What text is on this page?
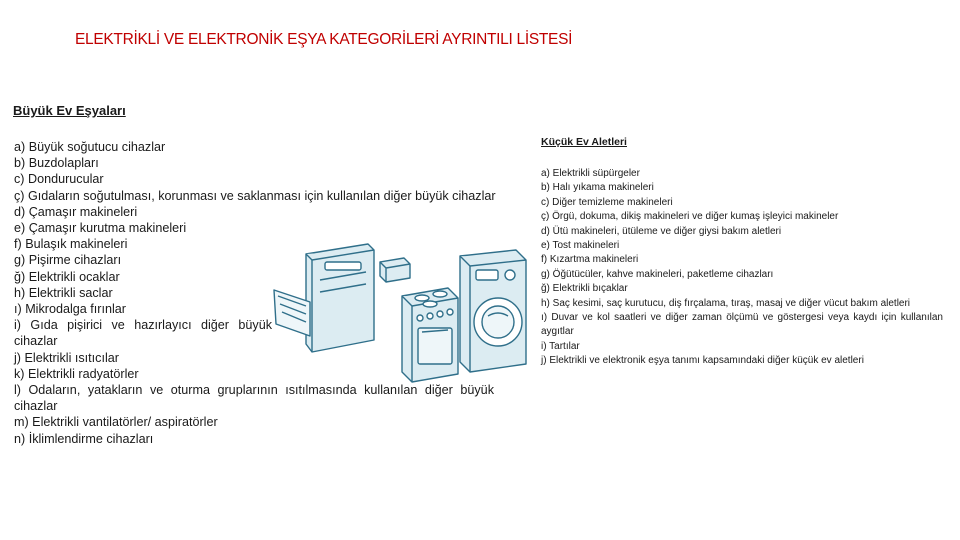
ELEKTRİKLİ VE ELEKTRONİK EŞYA KATEGORİLERİ AYRINTILI LİSTESİ
Büyük Ev Eşyaları
a) Büyük soğutucu cihazlar
b) Buzdolapları
c) Dondurucular
ç) Gıdaların soğutulması, korunması ve saklanması için kullanılan diğer büyük cihazlar
d) Çamaşır makineleri
e) Çamaşır kurutma makineleri
f) Bulaşık makineleri
g) Pişirme cihazları
ğ) Elektrikli ocaklar
h) Elektrikli saclar
ı) Mikrodalga fırınlar
i) Gıda pişirici ve hazırlayıcı diğer büyük cihazlar
j) Elektrikli ısıtıcılar
k) Elektrikli radyatörler
l) Odaların, yatakların ve oturma gruplarının ısıtılmasında kullanılan diğer büyük cihazlar
m) Elektrikli vantilatörler/ aspiratörler
n) İklimlendirme cihazları
Küçük Ev Aletleri
a) Elektrikli süpürgeler
b) Halı yıkama makineleri
c) Diğer temizleme makineleri
ç) Örgü, dokuma, dikiş makineleri ve diğer kumaş işleyici makineler
d) Ütü makineleri, ütüleme ve diğer giysi bakım aletleri
e) Tost makineleri
f) Kızartma makineleri
g) Öğütücüler, kahve makineleri, paketleme cihazları
ğ) Elektrikli bıçaklar
h) Saç kesimi, saç kurutucu, diş fırçalama, tıraş, masaj ve diğer vücut bakım aletleri
ı) Duvar ve kol saatleri ve diğer zaman ölçümü ve göstergesi veya kaydı için kullanılan aygıtlar
i) Tartılar
j) Elektrikli ve elektronik eşya tanımı kapsamındaki diğer küçük ev aletleri
